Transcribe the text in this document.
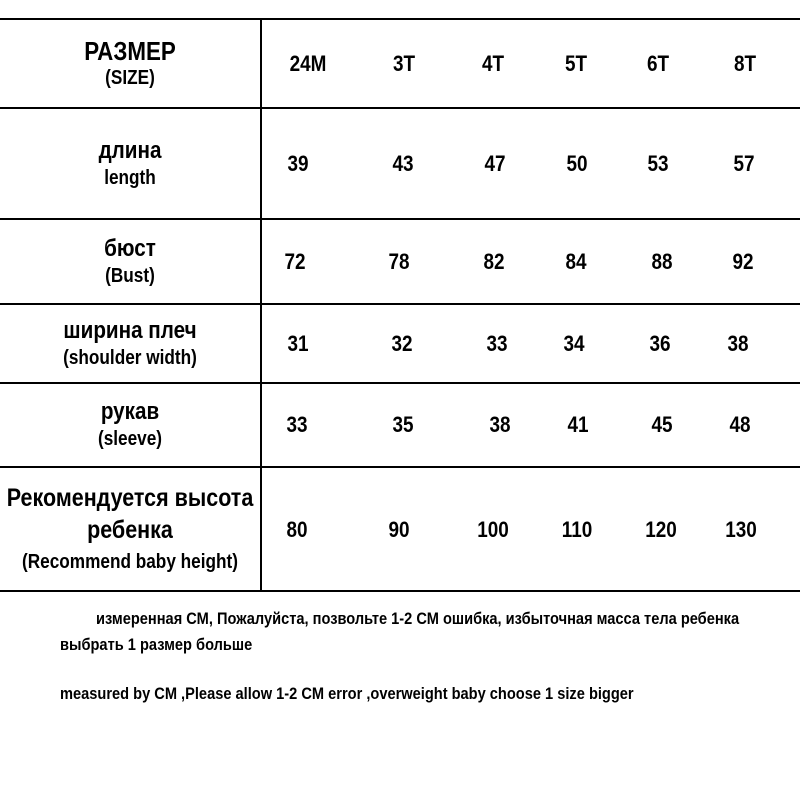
РАЗМЕР
(SIZE)
24M	3T	4T	5T	6T	8T
длина
length
39	43	47	50	53	57
бюст
(Bust)
72	78	82	84	88	92
ширина плеч
(shoulder width)
31	32	33	34	36	38
рукав
(sleeve)
33	35	38	41	45	48
Рекомендуется высота
ребенка
(Recommend baby height)
80	90	100	110	120	130
измеренная СМ, Пожалуйста, позвольте 1-2 СМ ошибка, избыточная масса тела ребенка
выбрать 1 размер больше
measured by CM ,Please allow 1-2 CM error ,overweight baby choose 1 size bigger
